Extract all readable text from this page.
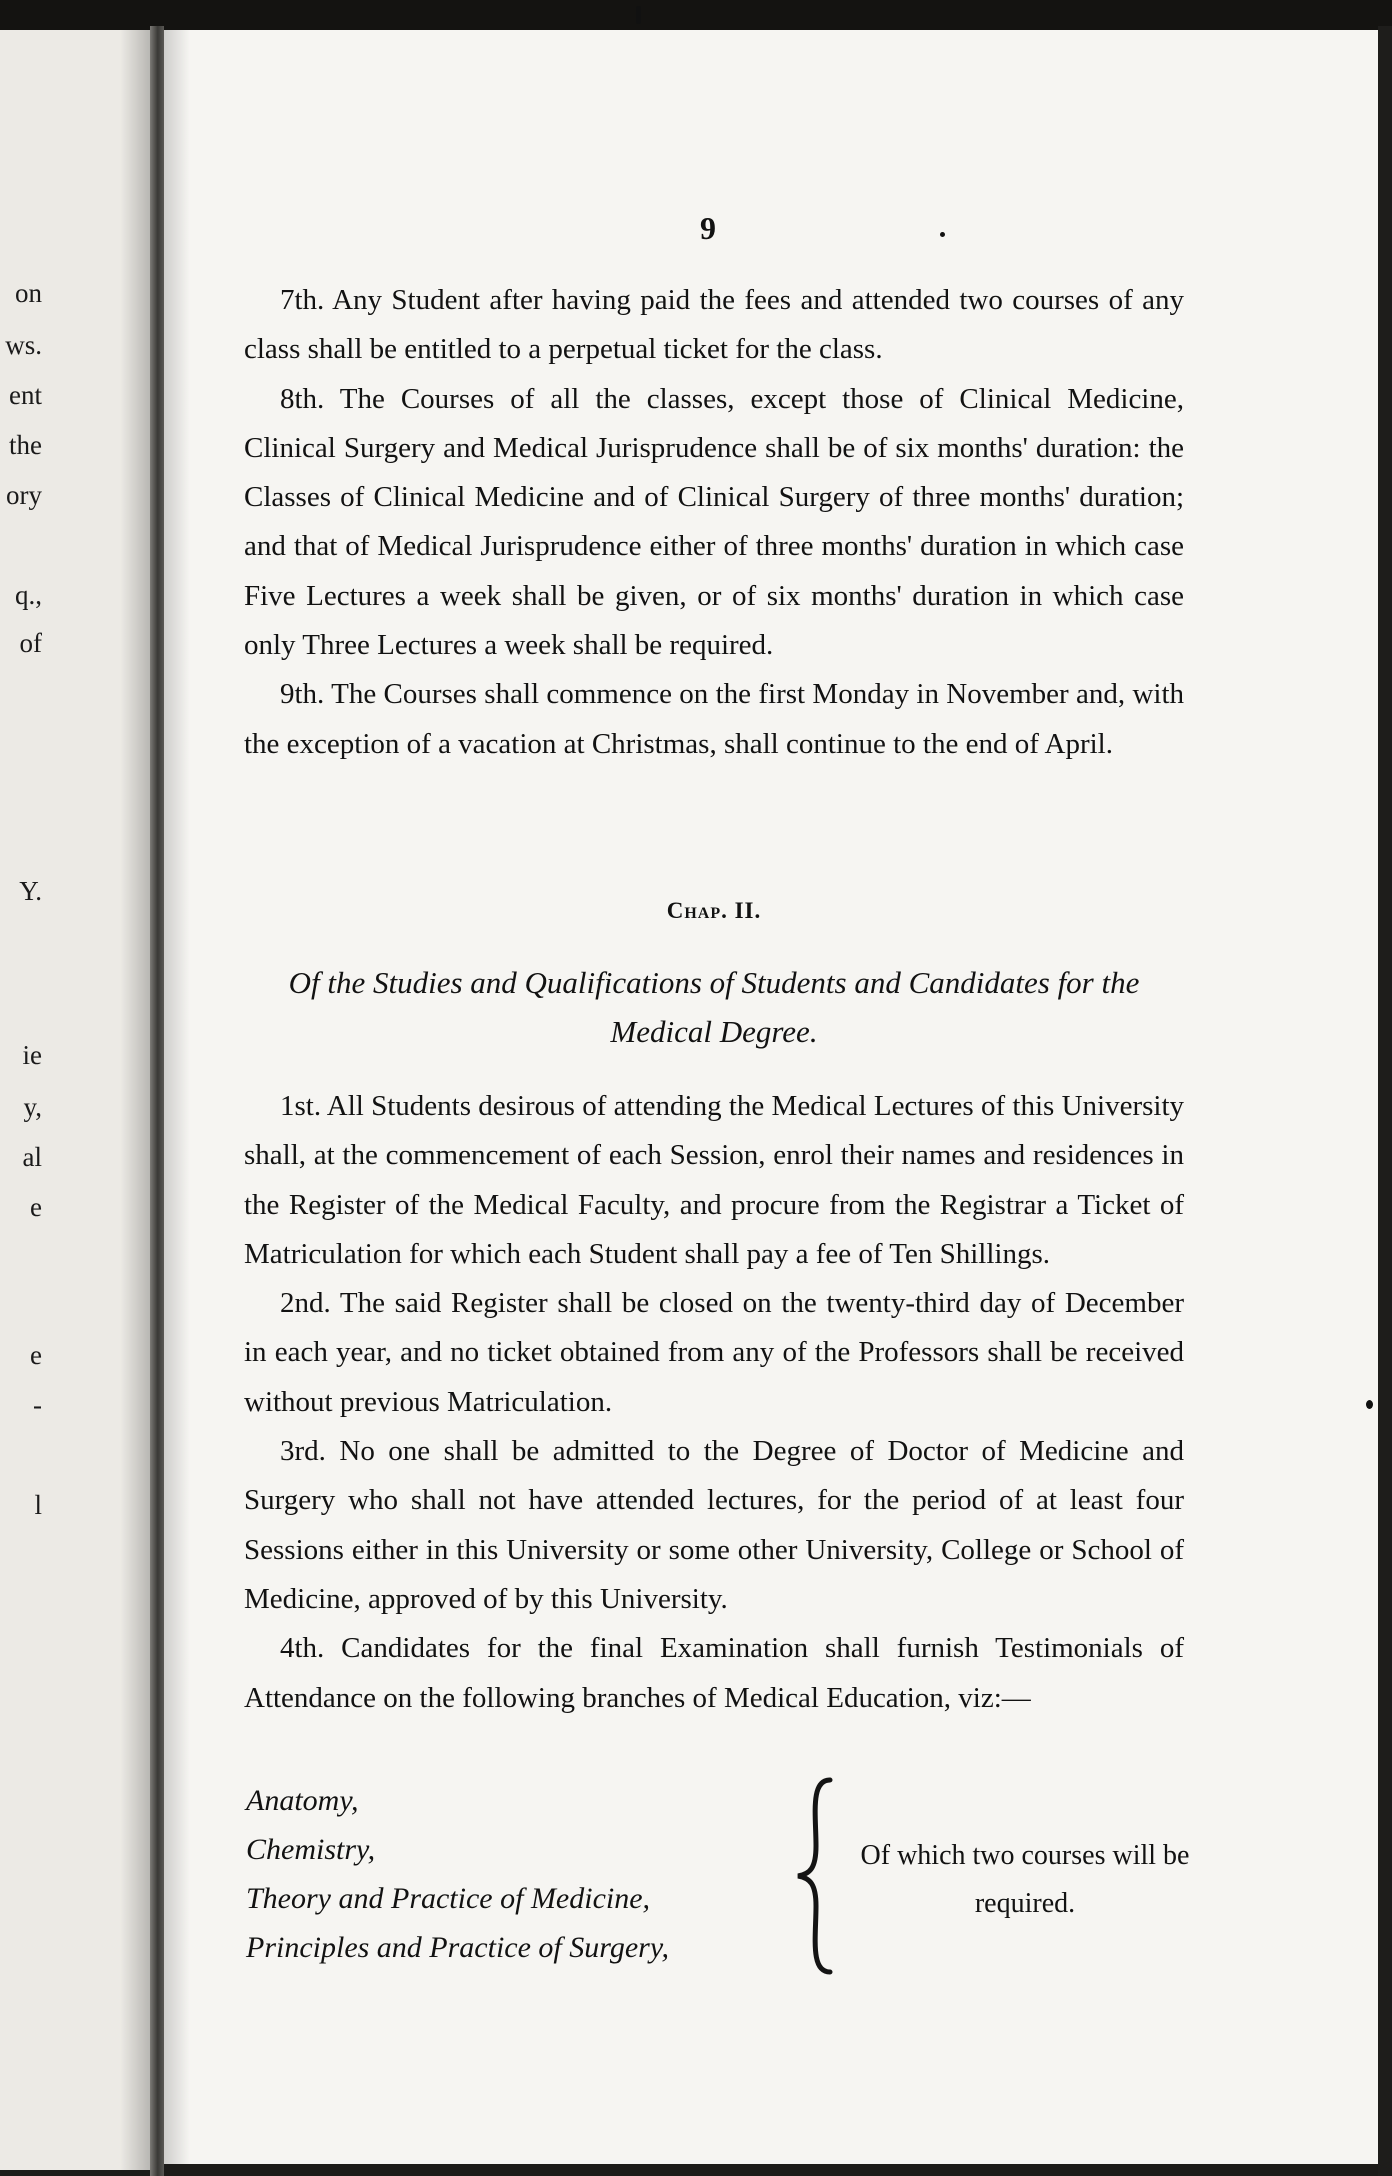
on
ws.
ent
the
ory
q.,
of
Y.
ie
y,
al
e
e
-
l
9

7th. Any Student after having paid the fees and attended two courses of any class shall be entitled to a perpetual ticket for the class.

8th. The Courses of all the classes, except those of Clinical Medicine, Clinical Surgery and Medical Jurisprudence shall be of six months' duration: the Classes of Clinical Medicine and of Clinical Surgery of three months' duration; and that of Medical Jurisprudence either of three months' duration in which case Five Lectures a week shall be given, or of six months' duration in which case only Three Lectures a week shall be required.

9th. The Courses shall commence on the first Monday in November and, with the exception of a vacation at Christmas, shall continue to the end of April.

Chap. II.
Of the Studies and Qualifications of Students and Candidates for the Medical Degree.

1st. All Students desirous of attending the Medical Lectures of this University shall, at the commencement of each Session, enrol their names and residences in the Register of the Medical Faculty, and procure from the Registrar a Ticket of Matriculation for which each Student shall pay a fee of Ten Shillings.

2nd. The said Register shall be closed on the twenty-third day of December in each year, and no ticket obtained from any of the Professors shall be received without previous Matriculation.

3rd. No one shall be admitted to the Degree of Doctor of Medicine and Surgery who shall not have attended lectures, for the period of at least four Sessions either in this University or some other University, College or School of Medicine, approved of by this University.

4th. Candidates for the final Examination shall furnish Testimonials of Attendance on the following branches of Medical Education, viz:—

Anatomy,
Chemistry,
Theory and Practice of Medicine,
Principles and Practice of Surgery,
Of which two courses will be required.
